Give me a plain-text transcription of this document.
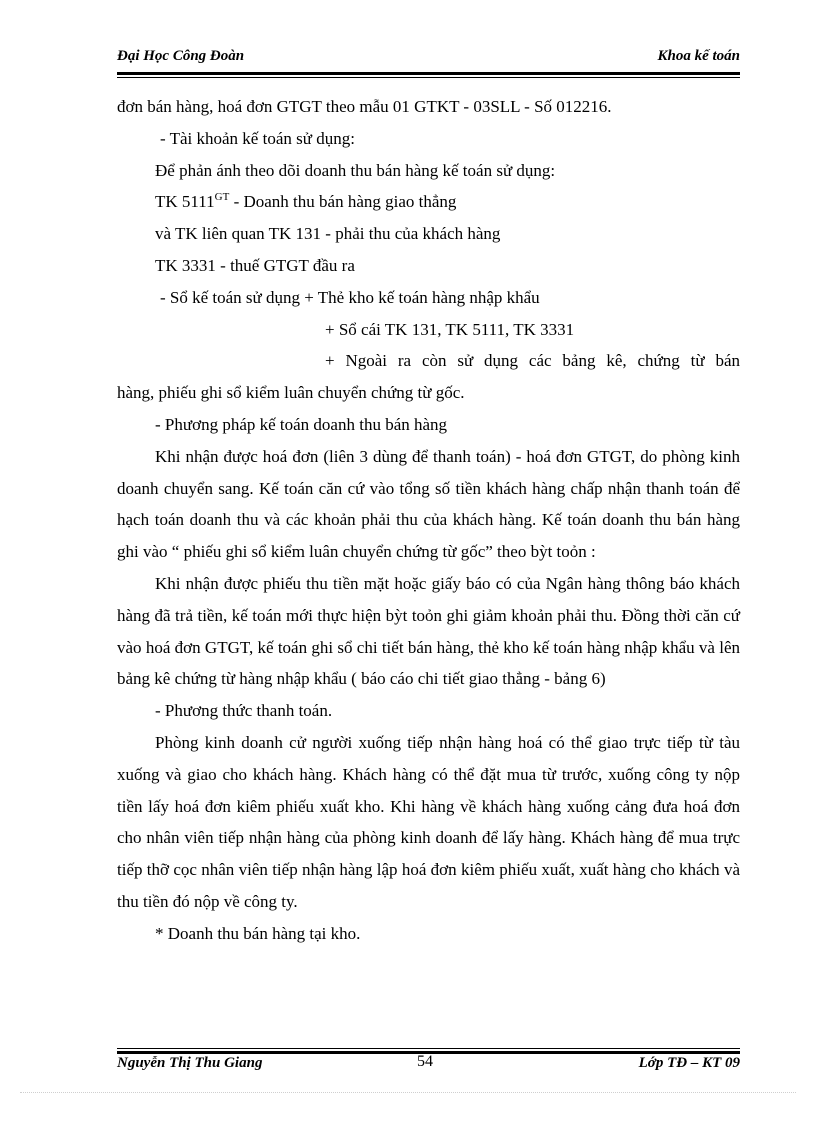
Đại Học Công Đoàn	Khoa kế toán

đơn bán hàng, hoá đơn GTGT theo mẫu 01 GTKT - 03SLL - Số 012216.

- Tài khoản kế toán sử dụng:

Để phản ánh theo dõi doanh thu bán hàng kế toán sử dụng:

TK $5111^{GT}$ - Doanh thu bán hàng giao thẳng

và TK liên quan TK 131 - phải thu của khách hàng

TK 3331 - thuế GTGT đầu ra

- Sổ kế toán sử dụng + Thẻ kho kế toán hàng nhập khẩu

+ Sổ cái TK 131, TK 5111, TK 3331

+ Ngoài ra còn sử dụng các bảng kê, chứng từ bán

hàng, phiếu ghi sổ kiểm luân chuyển chứng từ gốc.

- Phương pháp kế toán doanh thu bán hàng

Khi nhận được hoá đơn (liên 3 dùng để thanh toán) - hoá đơn GTGT, do phòng kinh doanh chuyển sang. Kế toán căn cứ vào tổng số tiền khách hàng chấp nhận thanh toán để hạch toán doanh thu và các khoản phải thu của khách hàng. Kế toán doanh thu bán hàng ghi vào “ phiếu ghi sổ kiểm luân chuyển chứng từ gốc” theo bỳt toỏn :

Khi nhận được phiếu thu tiền mặt hoặc giấy báo có của Ngân hàng thông báo khách hàng đã trả tiền, kế toán mới thực hiện bỳt toỏn ghi giảm khoản phải thu. Đồng thời căn cứ vào hoá đơn GTGT, kế toán ghi sổ chi tiết bán hàng, thẻ kho kế toán hàng nhập khẩu và lên bảng kê chứng từ hàng nhập khẩu ( báo cáo chi tiết giao thẳng - bảng 6)

- Phương thức thanh toán.

Phòng kinh doanh cử người xuống tiếp nhận hàng hoá có thể giao trực tiếp từ tàu xuống và giao cho khách hàng. Khách hàng có thể đặt mua từ trước, xuống công ty nộp tiền lấy hoá đơn kiêm phiếu xuất kho. Khi hàng về khách hàng xuống cảng đưa hoá đơn cho nhân viên tiếp nhận hàng của phòng kinh doanh để lấy hàng. Khách hàng để mua trực tiếp thỡ cọc nhân viên tiếp nhận hàng lập hoá đơn kiêm phiếu xuất, xuất hàng cho khách và thu tiền đó nộp về công ty.

* Doanh thu bán hàng tại kho.

Nguyễn Thị Thu Giang	54	Lớp TĐ – KT 09
